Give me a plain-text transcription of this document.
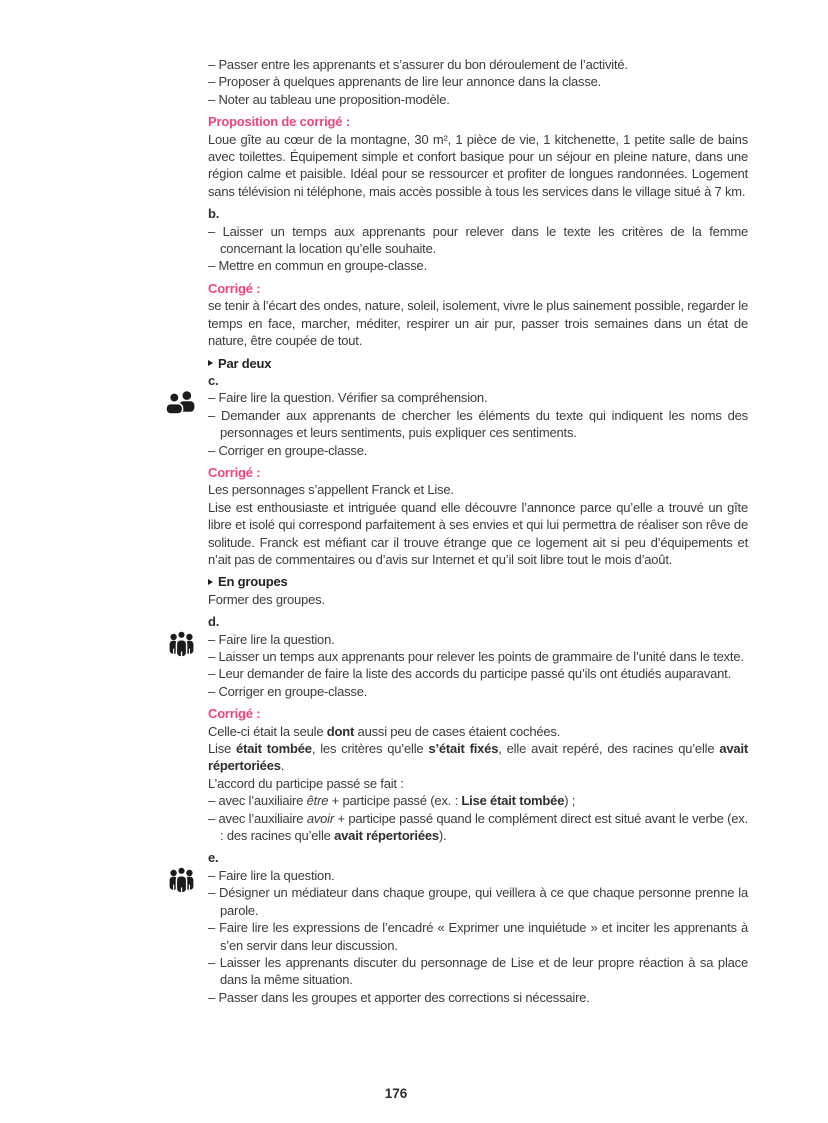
– Passer entre les apprenants et s’assurer du bon déroulement de l’activité.
– Proposer à quelques apprenants de lire leur annonce dans la classe.
– Noter au tableau une proposition-modèle.
Proposition de corrigé :
Loue gîte au cœur de la montagne, 30 m², 1 pièce de vie, 1 kitchenette, 1 petite salle de bains avec toilettes. Équipement simple et confort basique pour un séjour en pleine nature, dans une région calme et paisible. Idéal pour se ressourcer et profiter de longues randonnées. Logement sans télévision ni téléphone, mais accès possible à tous les services dans le village situé à 7 km.
b.
– Laisser un temps aux apprenants pour relever dans le texte les critères de la femme concernant la location qu’elle souhaite.
– Mettre en commun en groupe-classe.
Corrigé :
se tenir à l’écart des ondes, nature, soleil, isolement, vivre le plus sainement possible, regarder le temps en face, marcher, méditer, respirer un air pur, passer trois semaines dans un état de nature, être coupée de tout.
Par deux
c.
– Faire lire la question. Vérifier sa compréhension.
– Demander aux apprenants de chercher les éléments du texte qui indiquent les noms des personnages et leurs sentiments, puis expliquer ces sentiments.
– Corriger en groupe-classe.
Corrigé :
Les personnages s’appellent Franck et Lise.
Lise est enthousiaste et intriguée quand elle découvre l’annonce parce qu’elle a trouvé un gîte libre et isolé qui correspond parfaitement à ses envies et qui lui permettra de réaliser son rêve de solitude. Franck est méfiant car il trouve étrange que ce logement ait si peu d’équipements et n’ait pas de commentaires ou d’avis sur Internet et qu’il soit libre tout le mois d’août.
En groupes
Former des groupes.
d.
– Faire lire la question.
– Laisser un temps aux apprenants pour relever les points de grammaire de l’unité dans le texte.
– Leur demander de faire la liste des accords du participe passé qu’ils ont étudiés auparavant.
– Corriger en groupe-classe.
Corrigé :
Celle-ci était la seule dont aussi peu de cases étaient cochées.
Lise était tombée, les critères qu’elle s’était fixés, elle avait repéré, des racines qu’elle avait répertoriées.
L’accord du participe passé se fait :
– avec l’auxiliaire être + participe passé (ex. : Lise était tombée) ;
– avec l’auxiliaire avoir + participe passé quand le complément direct est situé avant le verbe (ex. : des racines qu’elle avait répertoriées).
e.
– Faire lire la question.
– Désigner un médiateur dans chaque groupe, qui veillera à ce que chaque personne prenne la parole.
– Faire lire les expressions de l’encadré « Exprimer une inquiétude » et inciter les apprenants à s’en servir dans leur discussion.
– Laisser les apprenants discuter du personnage de Lise et de leur propre réaction à sa place dans la même situation.
– Passer dans les groupes et apporter des corrections si nécessaire.
176
